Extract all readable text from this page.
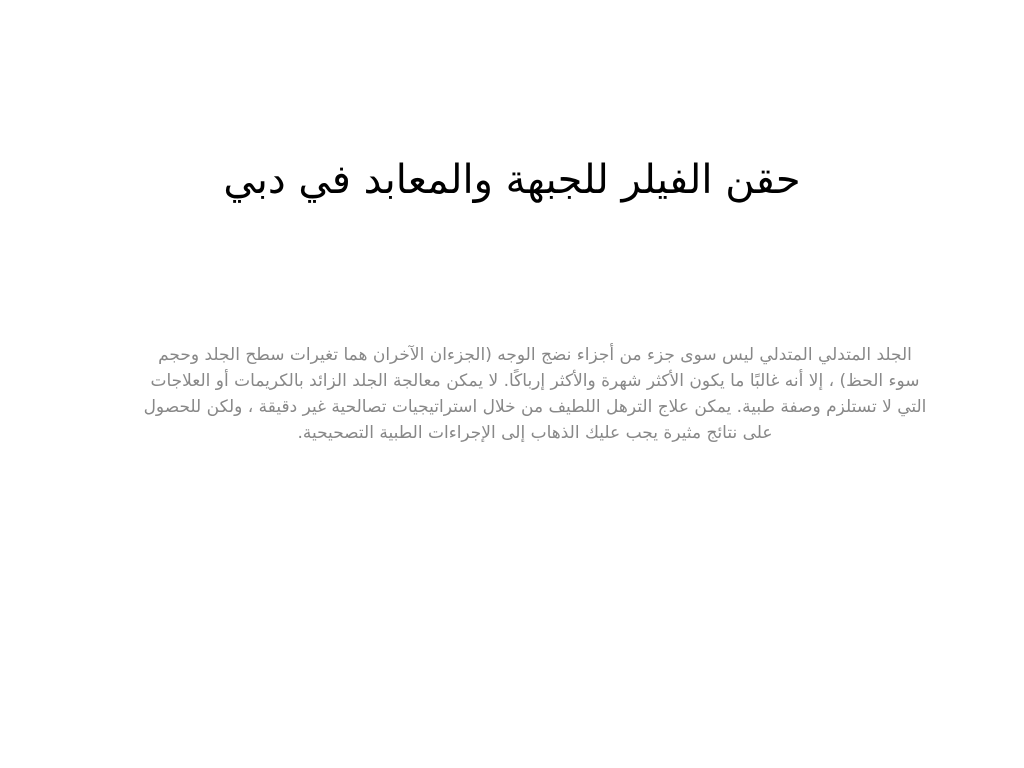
حقن الفيلر للجبهة والمعابد في دبي

الجلد المتدلي المتدلي ليس سوى جزء من أجزاء نضج الوجه (الجزءان الآخران هما تغيرات سطح الجلد وحجم سوء الحظ) ، إلا أنه غالبًا ما يكون الأكثر شهرة والأكثر إرباكًا. لا يمكن معالجة الجلد الزائد بالكريمات أو العلاجات التي لا تستلزم وصفة طبية. يمكن علاج الترهل اللطيف من خلال استراتيجيات تصالحية غير دقيقة ، ولكن للحصول على نتائج مثيرة يجب عليك الذهاب إلى الإجراءات الطبية التصحيحية.
